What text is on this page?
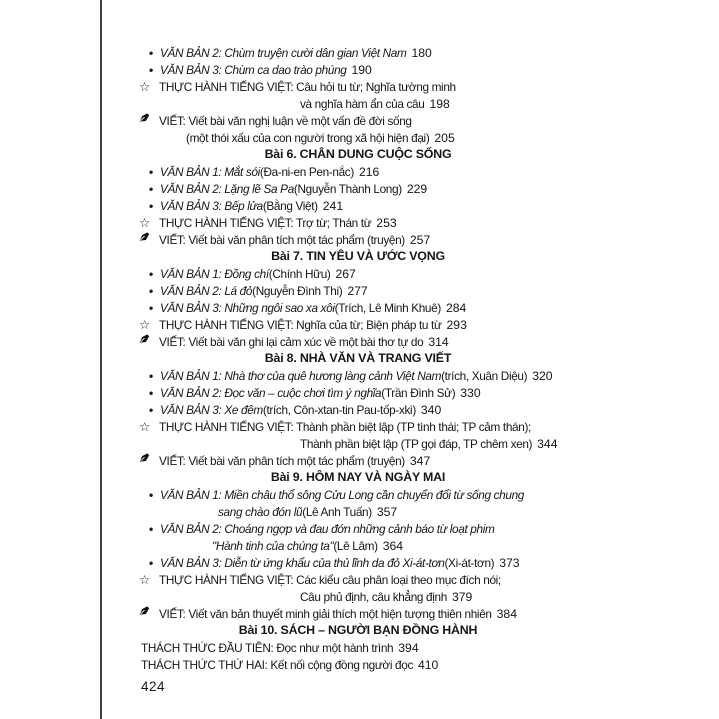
• VĂN BẢN 2: Chùm truyện cười dân gian Việt Nam 180
• VĂN BẢN 3: Chùm ca dao trào phúng 190
☆ THỰC HÀNH TIẾNG VIỆT: Câu hỏi tu từ; Nghĩa tường minh
và nghĩa hàm ẩn của câu 198
VIẾT: Viết bài văn nghị luận về một vấn đề đời sống
(một thói xấu của con người trong xã hội hiện đại) 205
Bài 6. CHÂN DUNG CUỘC SỐNG
• VĂN BẢN 1: Mắt sói (Đa-ni-en Pen-nắc) 216
• VĂN BẢN 2: Lặng lẽ Sa Pa (Nguyễn Thành Long) 229
• VĂN BẢN 3: Bếp lửa (Bằng Việt) 241
☆ THỰC HÀNH TIẾNG VIỆT: Trợ từ; Thán từ 253
VIẾT: Viết bài văn phân tích một tác phẩm (truyện) 257
Bài 7. TIN YÊU VÀ ƯỚC VỌNG
• VĂN BẢN 1: Đồng chí (Chính Hữu) 267
• VĂN BẢN 2: Lá đỏ (Nguyễn Đình Thi) 277
• VĂN BẢN 3: Những ngôi sao xa xôi (Trích, Lê Minh Khuê) 284
☆ THỰC HÀNH TIẾNG VIỆT: Nghĩa của từ; Biện pháp tu từ 293
VIẾT: Viết bài văn ghi lại cảm xúc về một bài thơ tự do 314
Bài 8. NHÀ VĂN VÀ TRANG VIẾT
• VĂN BẢN 1: Nhà thơ của quê hương làng cảnh Việt Nam (trích, Xuân Diệu) 320
• VĂN BẢN 2: Đọc văn – cuộc chơi tìm ý nghĩa (Trần Đình Sử) 330
• VĂN BẢN 3: Xe đêm (trích, Côn-xtan-tin Pau-tốp-xki) 340
☆ THỰC HÀNH TIẾNG VIỆT: Thành phần biệt lập (TP tình thái; TP cảm thán);
Thành phần biệt lập (TP gọi đáp, TP chêm xen) 344
VIẾT: Viết bài văn phân tích một tác phẩm (truyện) 347
Bài 9. HÔM NAY VÀ NGÀY MAI
• VĂN BẢN 1: Miền châu thổ sông Cửu Long cần chuyển đổi từ sống chung
sang chào đón lũ (Lê Anh Tuấn) 357
• VĂN BẢN 2: Choáng ngợp và đau đớn những cảnh báo từ loạt phim
"Hành tinh của chúng ta" (Lê Lâm) 364
• VĂN BẢN 3: Diễn từ ứng khẩu của thủ lĩnh da đỏ Xi-át-tơn (Xi-át-tơn) 373
☆ THỰC HÀNH TIẾNG VIỆT: Các kiểu câu phân loại theo mục đích nói;
Câu phủ định, câu khẳng định 379
VIẾT: Viết văn bản thuyết minh giải thích một hiện tượng thiên nhiên 384
Bài 10. SÁCH – NGƯỜI BẠN ĐỒNG HÀNH
THÁCH THỨC ĐẦU TIÊN: Đọc như một hành trình 394
THÁCH THỨC THỨ HAI: Kết nối cộng đồng người đọc 410
424
